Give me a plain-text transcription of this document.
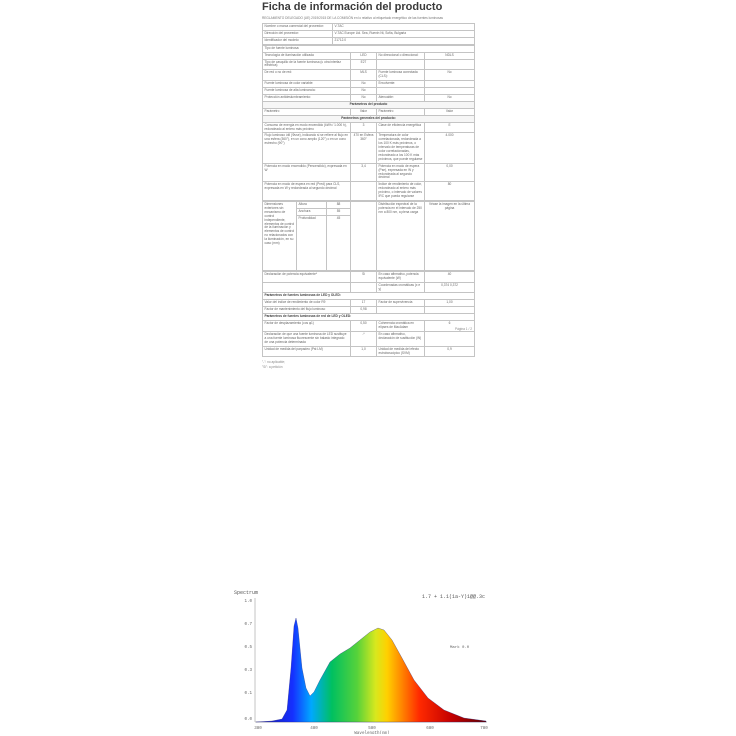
Ficha de información del producto
REGLAMENTO DELEGADO (UE) 2019/2015 DE LA COMISIÓN en lo relativo al etiquetado energético de las fuentes luminosas
Nombre o marca comercial del proveedor:	V-TAC
Dirección del proveedor:	V-TAC Europe Ltd. Sea, Ruenin Nt, Sofia, Bulgaria
Identificador del modelo:	21712.0
Tipo de fuente luminosa:			
Tecnología de iluminación utilizada	LED	No direccional o direccional:	NDLS
Tipo de casquillo de la fuente luminosa (u otra interfaz eléctrica)	E27		
De red o no de red:	MLS	Fuente luminosa conectada (CLS):	No
Fuente luminosa de color variable:	No	Envolvente:	
Fuente luminosa de alta luminancia:	No		
Protección antideslumbramiento:	No	Atenuable:	No
Parámetros del producto			
Parámetro	Valor	Parámetro	Valor
Parámetros generales del producto:			
Consumo de energía en modo encendido (kWh / 1.000 h), redondeado al entero más próximo	3	Clase de eficiencia energética	E
Flujo luminoso útil (Φuse), indicando si se refiere al flujo en una esfera (360°), en un cono amplio (120°) o en un cono estrecho (90°)	470 en Esfera 360°	Temperatura de color correlacionada, redondeada a los 100 K más próximos, o intervalo de temperaturas de color correlacionadas, redondeado a los 100 K más próximos, que puede regularse	4.000
Potencia en modo encendido (Pencendido), expresada en W	3,4	Potencia en modo de espera (Pse), expresada en W y redondeada al segundo decimal	0,00
Potencia en modo de espera en red (Pred) para CLS, expresada en W y redondeada al segundo decimal		Índice de rendimiento de color, redondeado al entero más próximo, o intervalo de valores IRC que pueda regularse	80
Dimensiones exteriores sin mecanismo de control independiente, elementos de control de la iluminación y elementos de control no relacionados con la iluminación, en su caso (mm)	Altura	88		Distribución espectral de la potencia en el intervalo de 250 nm a 800 nm, a plena carga	Véase la imagen en la última página
	Anchura	55			
	Profundidad	45			
Declaración de potencia equivalente*	Si	En caso afirmativo, potencia equivalente (W)	40
		Coordenadas cromáticas (x e y)	0,374 0,372
Parámetros de fuentes luminosas de LED y OLED:			
Valor del índice de rendimiento de color R9	17	Factor de supervivencia	1,00
Factor de mantenimiento del flujo luminoso	0,98		
Parámetros de fuentes luminosas de red de LED y OLED:			
Factor de desplazamiento (cos φ1)	0,50	Coherencia cromática en elipses de MacAdam	6
Declaración de que una fuente luminosa de LED sustituye a una fuente luminosa fluorescente sin balasto integrado de una potencia determinada	-*	En caso afirmativo, declaración de sustitución (W)	
Unidad de medida del parpadeo (Pst LM)	1,0	Unidad de medida del efecto estroboscópico (SVM)	0,9
"-": no aplicable;
"Si": a petición
Página 1 / 2
Spectrum
1.7 + 1.1(1a-Y)1@@.3c
1.0
0.7
0.5
0.3
0.1
0.0
Mark 0.0
380	480	580	680	780
Wavelength(nm)
